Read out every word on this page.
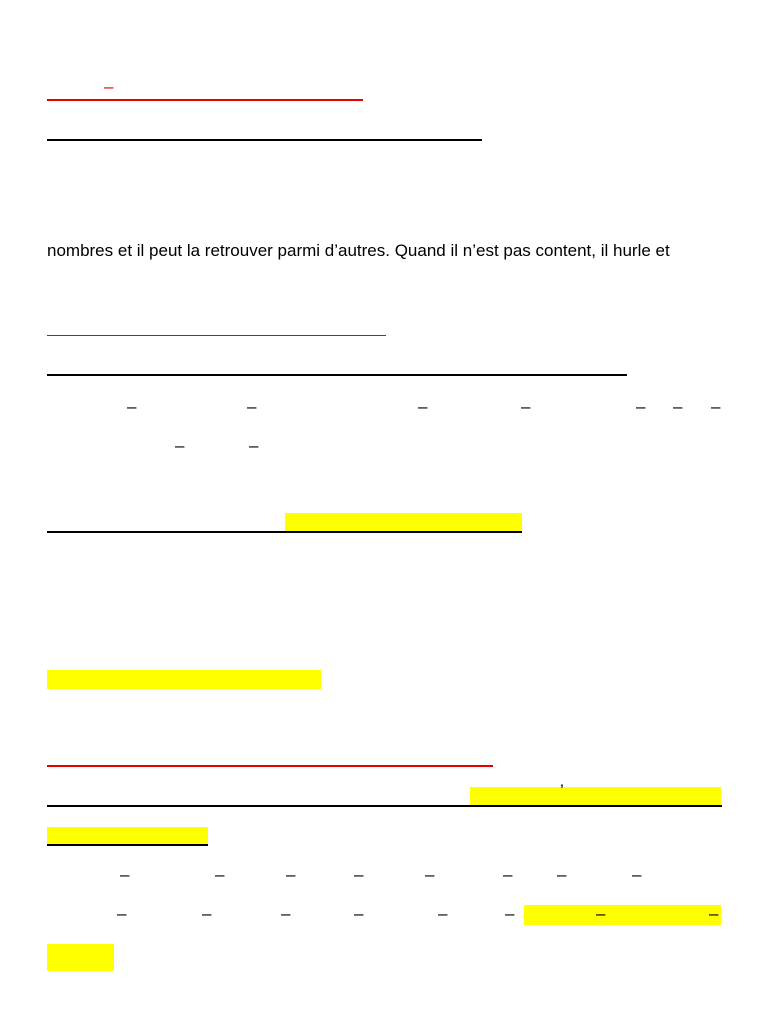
–
nombres et il peut la retrouver parmi d’autres. Quand il n’est pas content, il hurle et
–	–	–	–	– – –
–	–
’
–	–	–	–	–	–	–	–
–	–	–	–	–	–	–	–
